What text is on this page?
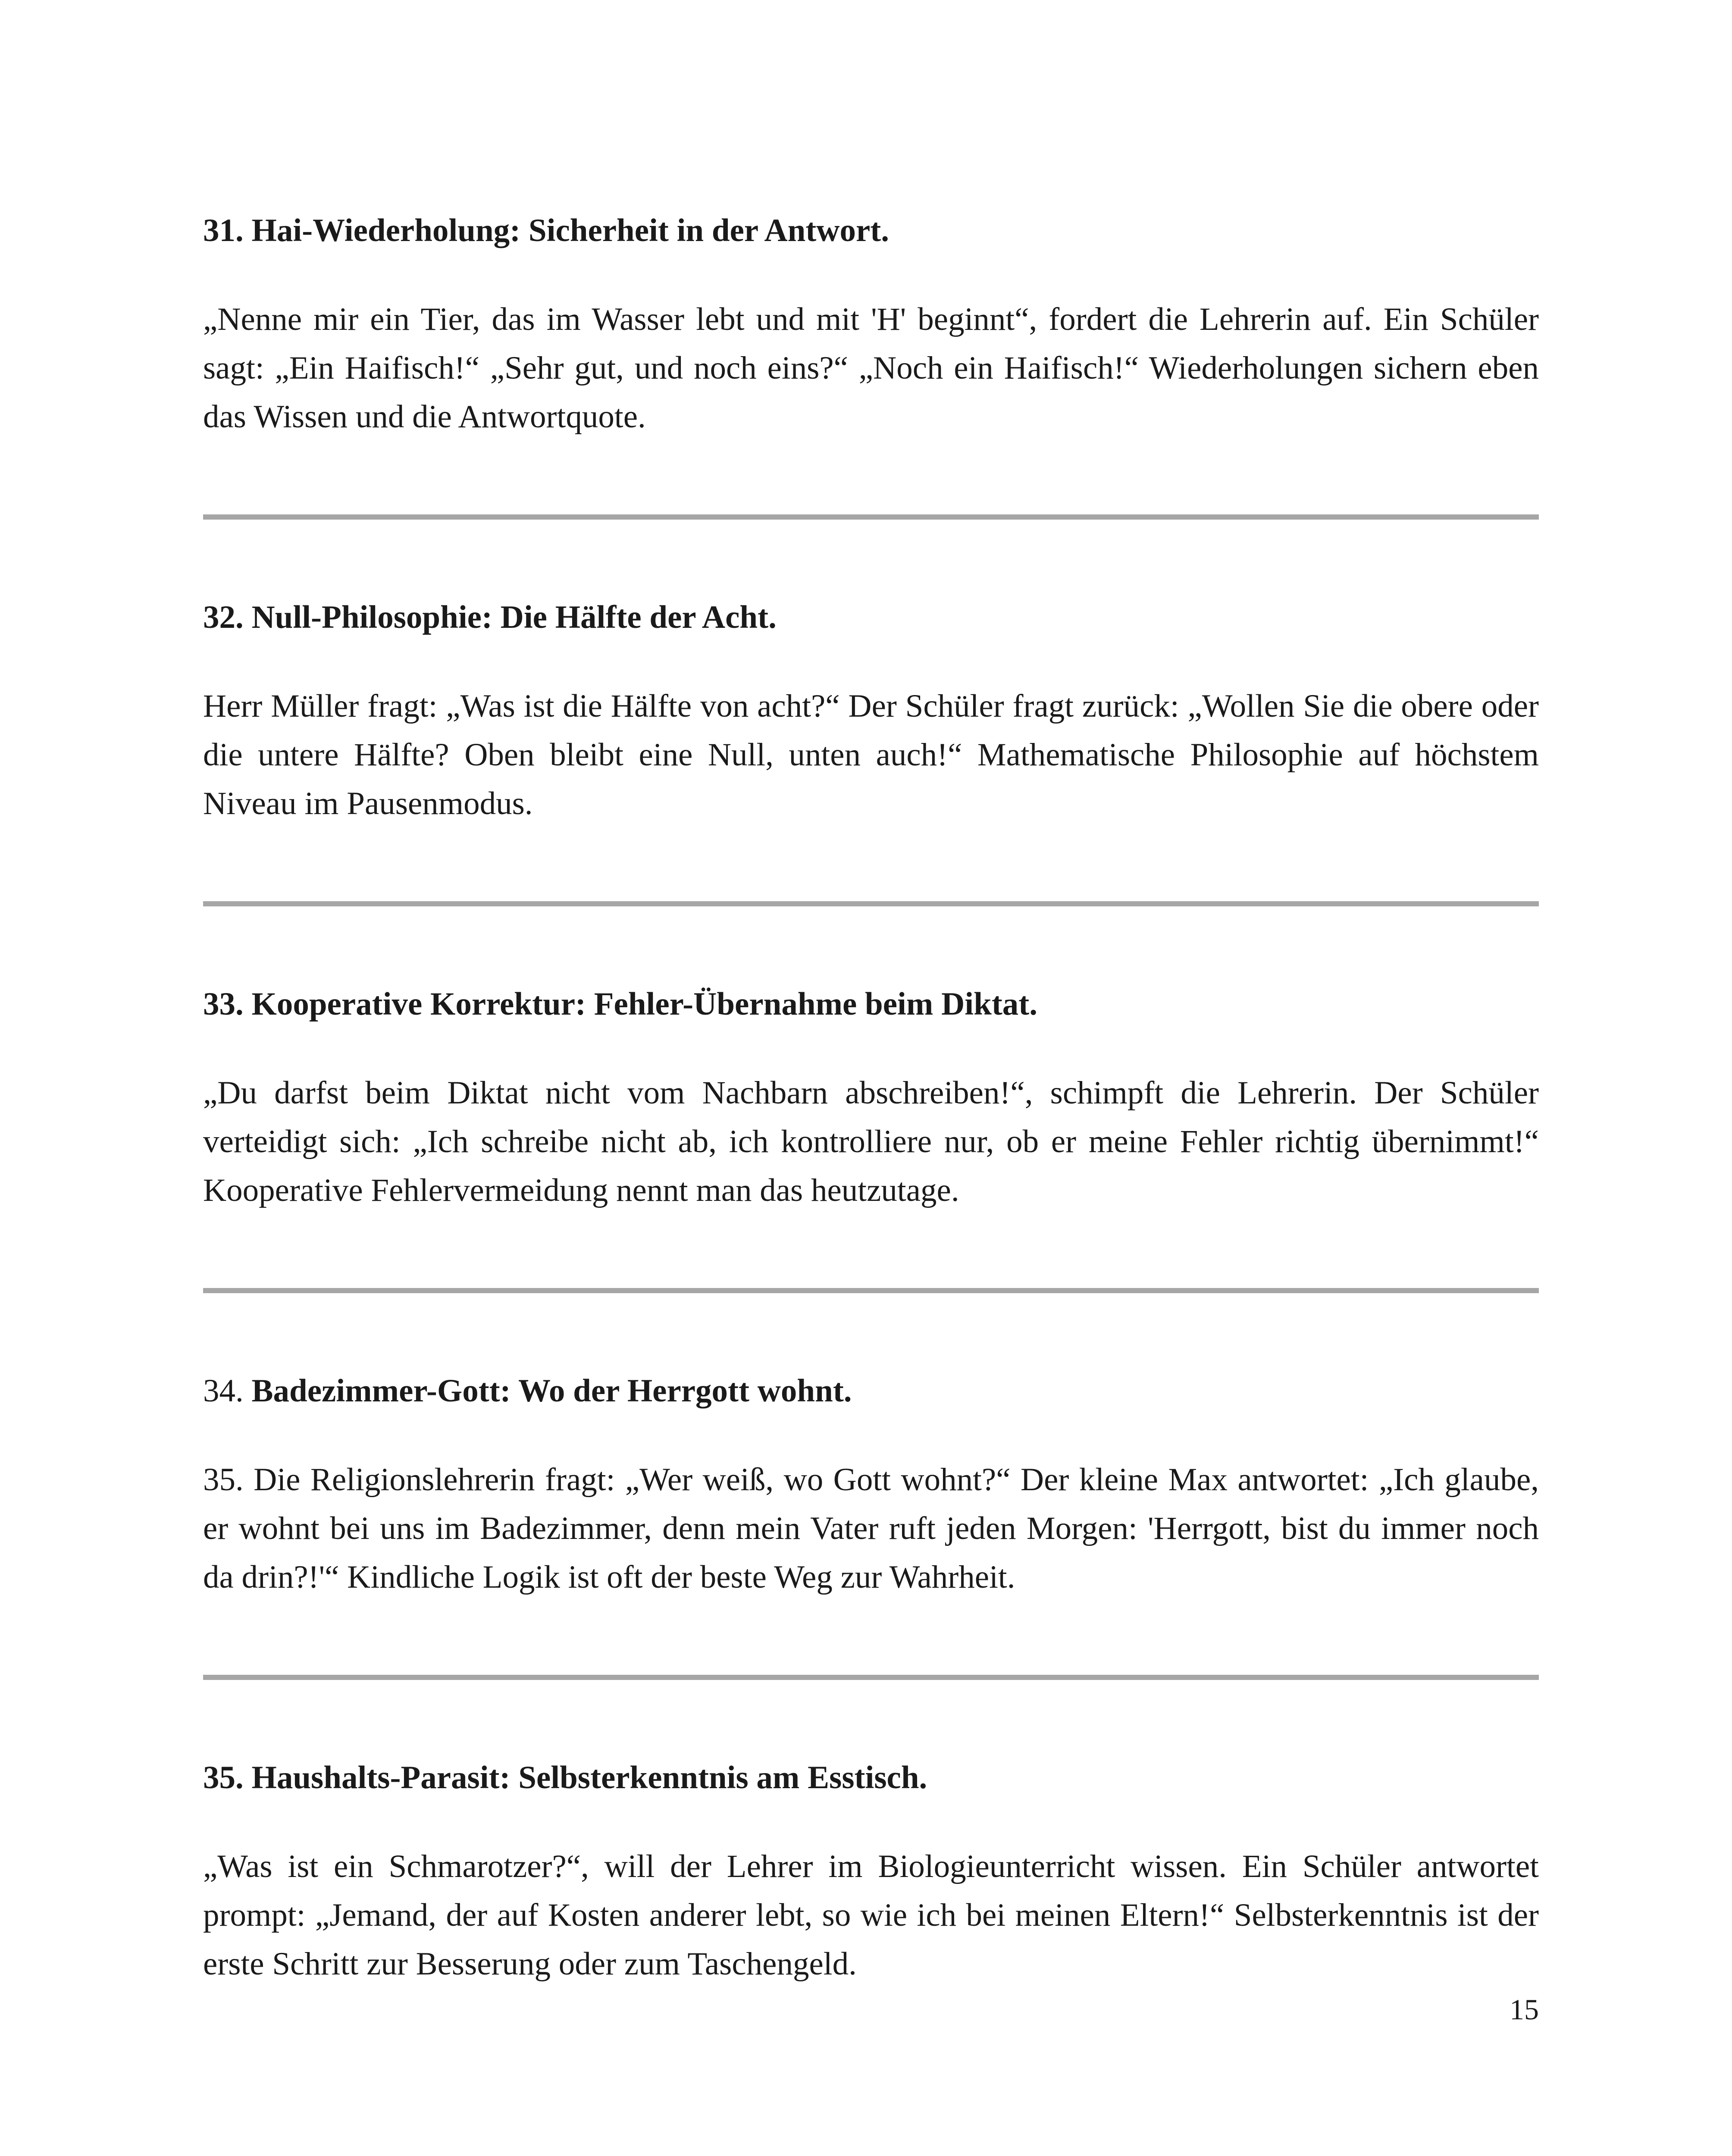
31. Hai-Wiederholung: Sicherheit in der Antwort.

„Nenne mir ein Tier, das im Wasser lebt und mit 'H' beginnt“, fordert die Lehrerin auf. Ein Schüler sagt: „Ein Haifisch!“ „Sehr gut, und noch eins?“ „Noch ein Haifisch!“ Wiederholungen sichern eben das Wissen und die Antwortquote.

32. Null-Philosophie: Die Hälfte der Acht.

Herr Müller fragt: „Was ist die Hälfte von acht?“ Der Schüler fragt zurück: „Wollen Sie die obere oder die untere Hälfte? Oben bleibt eine Null, unten auch!“ Mathematische Philosophie auf höchstem Niveau im Pausenmodus.

33. Kooperative Korrektur: Fehler-Übernahme beim Diktat.

„Du darfst beim Diktat nicht vom Nachbarn abschreiben!“, schimpft die Lehrerin. Der Schüler verteidigt sich: „Ich schreibe nicht ab, ich kontrolliere nur, ob er meine Fehler richtig übernimmt!“ Kooperative Fehlervermeidung nennt man das heutzutage.

34. Badezimmer-Gott: Wo der Herrgott wohnt.

35. Die Religionslehrerin fragt: „Wer weiß, wo Gott wohnt?“ Der kleine Max antwortet: „Ich glaube, er wohnt bei uns im Badezimmer, denn mein Vater ruft jeden Morgen: 'Herrgott, bist du immer noch da drin?!'“ Kindliche Logik ist oft der beste Weg zur Wahrheit.

35. Haushalts-Parasit: Selbsterkenntnis am Esstisch.

„Was ist ein Schmarotzer?“, will der Lehrer im Biologieunterricht wissen. Ein Schüler antwortet prompt: „Jemand, der auf Kosten anderer lebt, so wie ich bei meinen Eltern!“ Selbsterkenntnis ist der erste Schritt zur Besserung oder zum Taschengeld.

15
